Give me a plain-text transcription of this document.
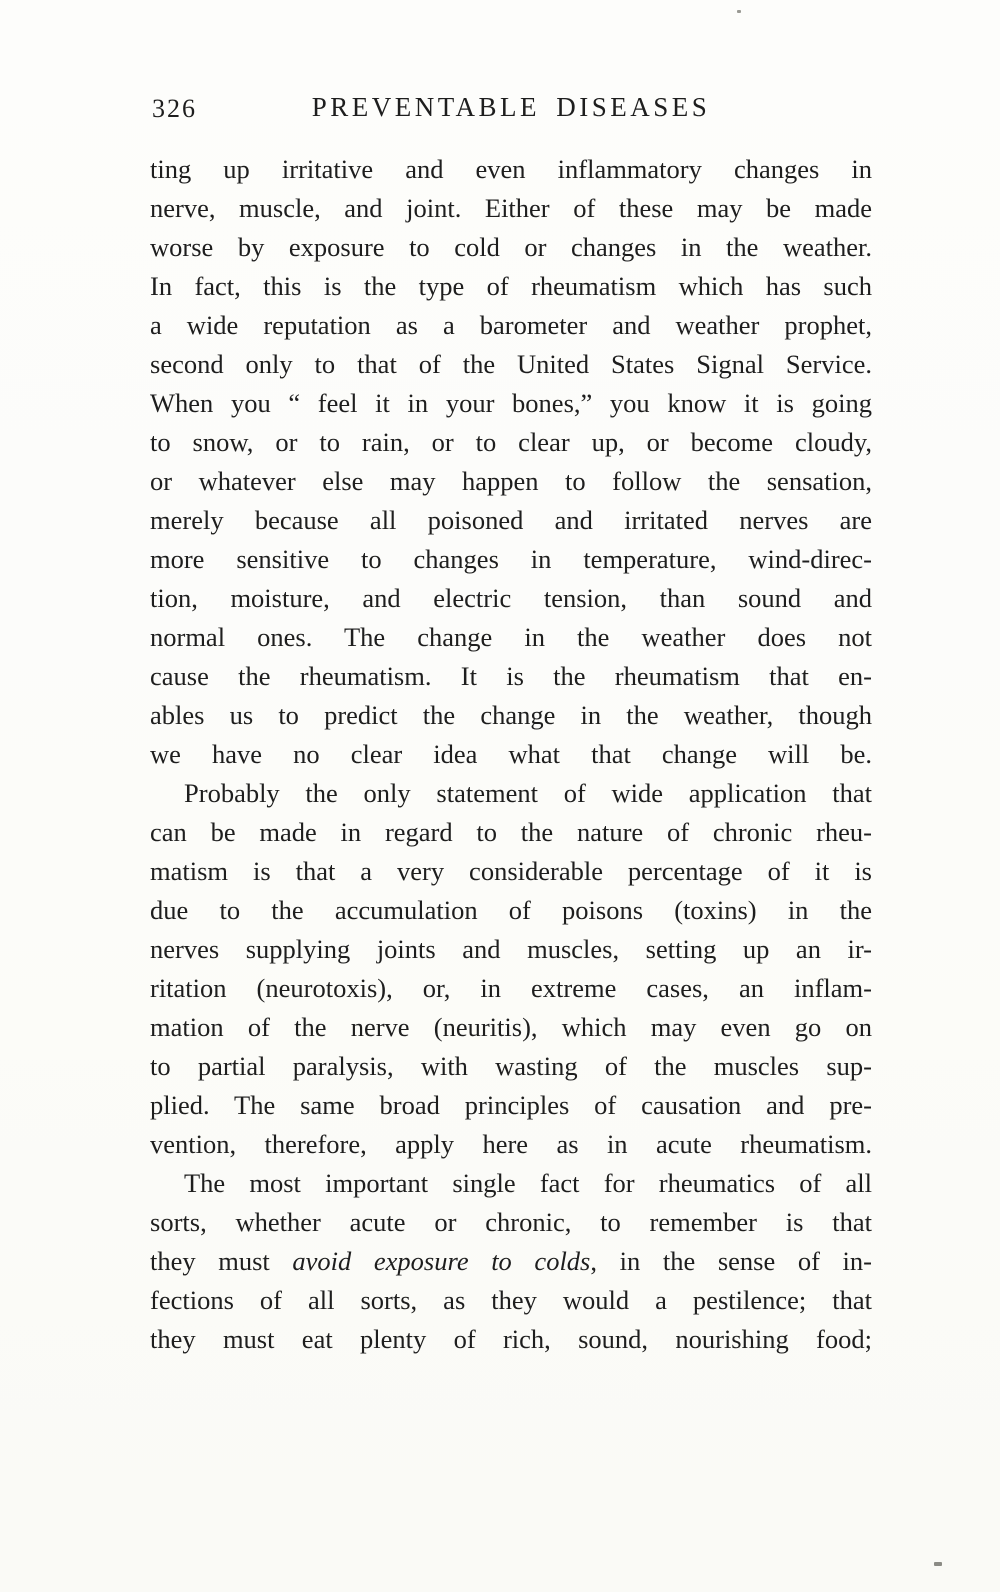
326	PREVENTABLE DISEASES
ting up irritative and even inflammatory changes in
nerve, muscle, and joint. Either of these may be made
worse by exposure to cold or changes in the weather.
In fact, this is the type of rheumatism which has such
a wide reputation as a barometer and weather prophet,
second only to that of the United States Signal Service.
When you “ feel it in your bones,” you know it is going
to snow, or to rain, or to clear up, or become cloudy,
or whatever else may happen to follow the sensation,
merely because all poisoned and irritated nerves are
more sensitive to changes in temperature, wind-direc-
tion, moisture, and electric tension, than sound and
normal ones. The change in the weather does not
cause the rheumatism. It is the rheumatism that en-
ables us to predict the change in the weather, though
we have no clear idea what that change will be.
Probably the only statement of wide application that
can be made in regard to the nature of chronic rheu-
matism is that a very considerable percentage of it is
due to the accumulation of poisons (toxins) in the
nerves supplying joints and muscles, setting up an ir-
ritation (neurotoxis), or, in extreme cases, an inflam-
mation of the nerve (neuritis), which may even go on
to partial paralysis, with wasting of the muscles sup-
plied. The same broad principles of causation and pre-
vention, therefore, apply here as in acute rheumatism.
The most important single fact for rheumatics of all
sorts, whether acute or chronic, to remember is that
they must avoid exposure to colds, in the sense of in-
fections of all sorts, as they would a pestilence; that
they must eat plenty of rich, sound, nourishing food;
